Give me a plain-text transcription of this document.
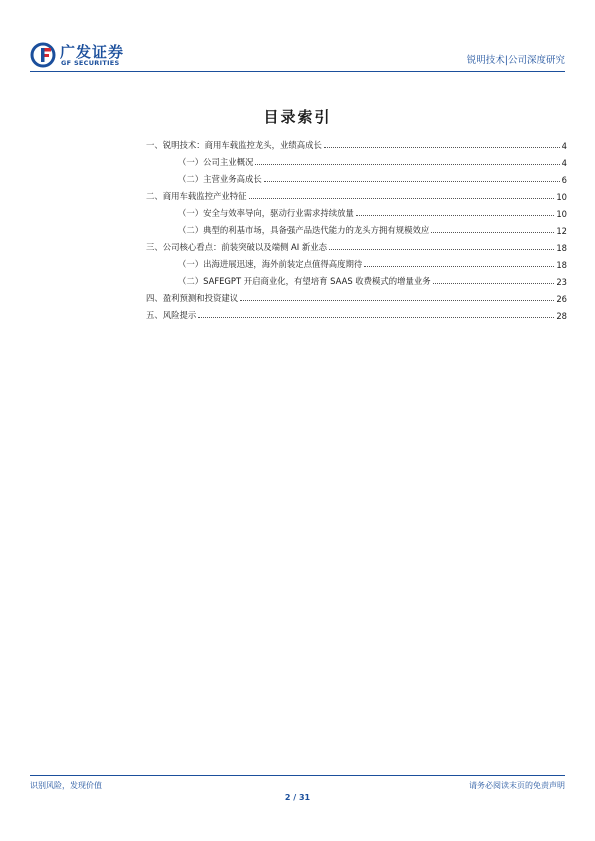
广发证券
GF SECURITIES	锐明技术|公司深度研究
目录索引
一、锐明技术：商用车载监控龙头，业绩高成长	4
（一）公司主业概况	4
（二）主营业务高成长	6
二、商用车载监控产业特征	10
（一）安全与效率导向，驱动行业需求持续放量	10
（二）典型的利基市场，具备强产品迭代能力的龙头方拥有规模效应	12
三、公司核心看点：前装突破以及端侧 AI 新业态	18
（一）出海进展迅速，海外前装定点值得高度期待	18
（二）SAFEGPT 开启商业化，有望培育 SAAS 收费模式的增量业务	23
四、盈利预测和投资建议	26
五、风险提示	28
识别风险，发现价值	请务必阅读末页的免责声明
2 / 31
